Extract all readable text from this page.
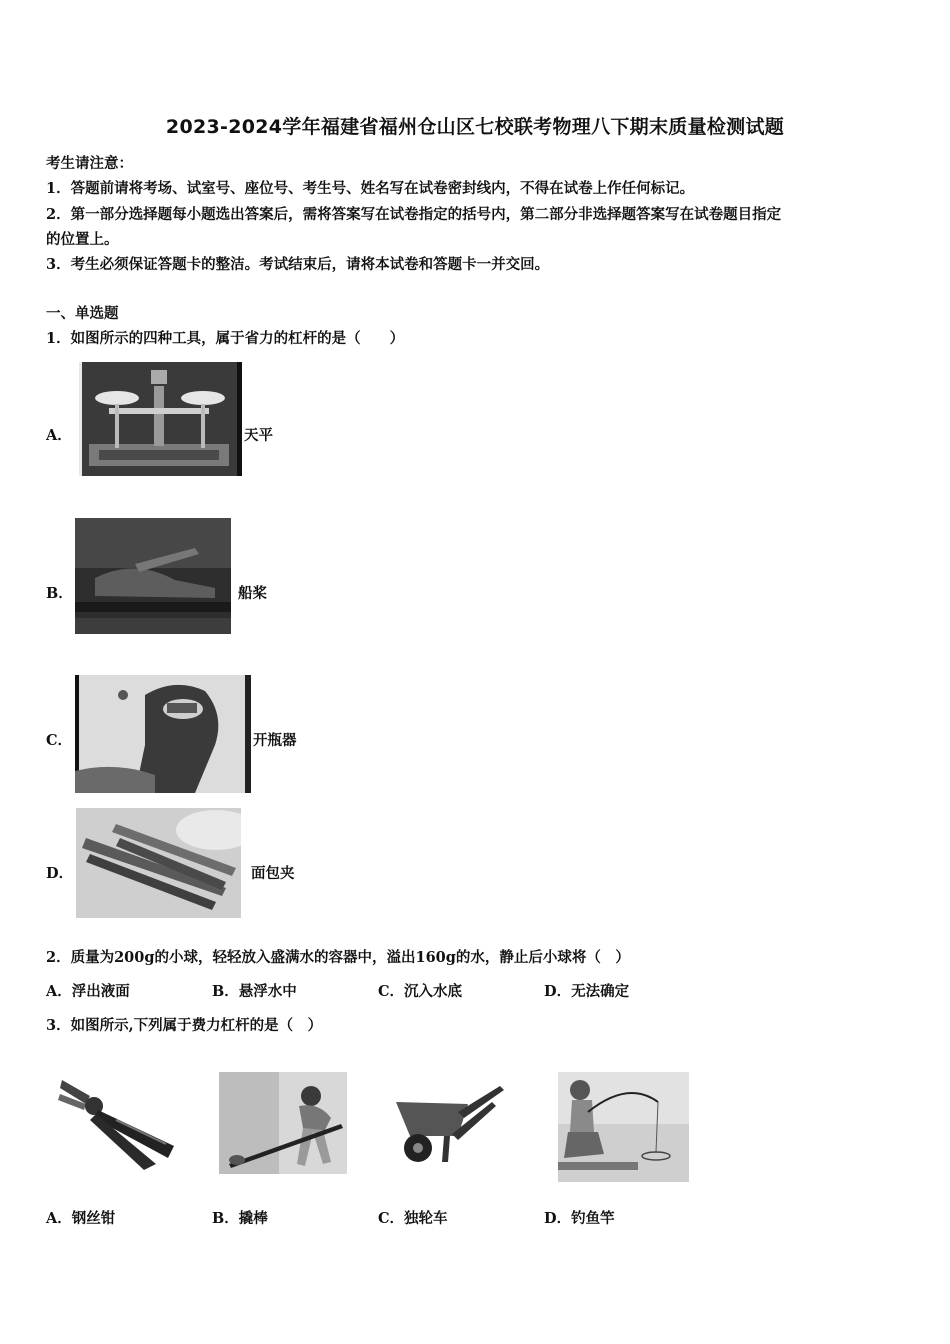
2023-2024学年福建省福州仓山区七校联考物理八下期末质量检测试题
考生请注意：
1．答题前请将考场、试室号、座位号、考生号、姓名写在试卷密封线内，不得在试卷上作任何标记。
2．第一部分选择题每小题选出答案后，需将答案写在试卷指定的括号内，第二部分非选择题答案写在试卷题目指定
的位置上。
3．考生必须保证答题卡的整洁。考试结束后，请将本试卷和答题卡一并交回。
一、单选题
1．如图所示的四种工具，属于省力的杠杆的是（　　）
A．	天平
B．	船桨
C．	开瓶器
D．	面包夹
2．质量为200g的小球，轻轻放入盛满水的容器中，溢出160g的水，静止后小球将（　）
A．浮出液面	B．悬浮水中	C．沉入水底	D．无法确定
3．如图所示,下列属于费力杠杆的是（　）
A．钢丝钳	B．撬棒	C．独轮车	D．钓鱼竿
